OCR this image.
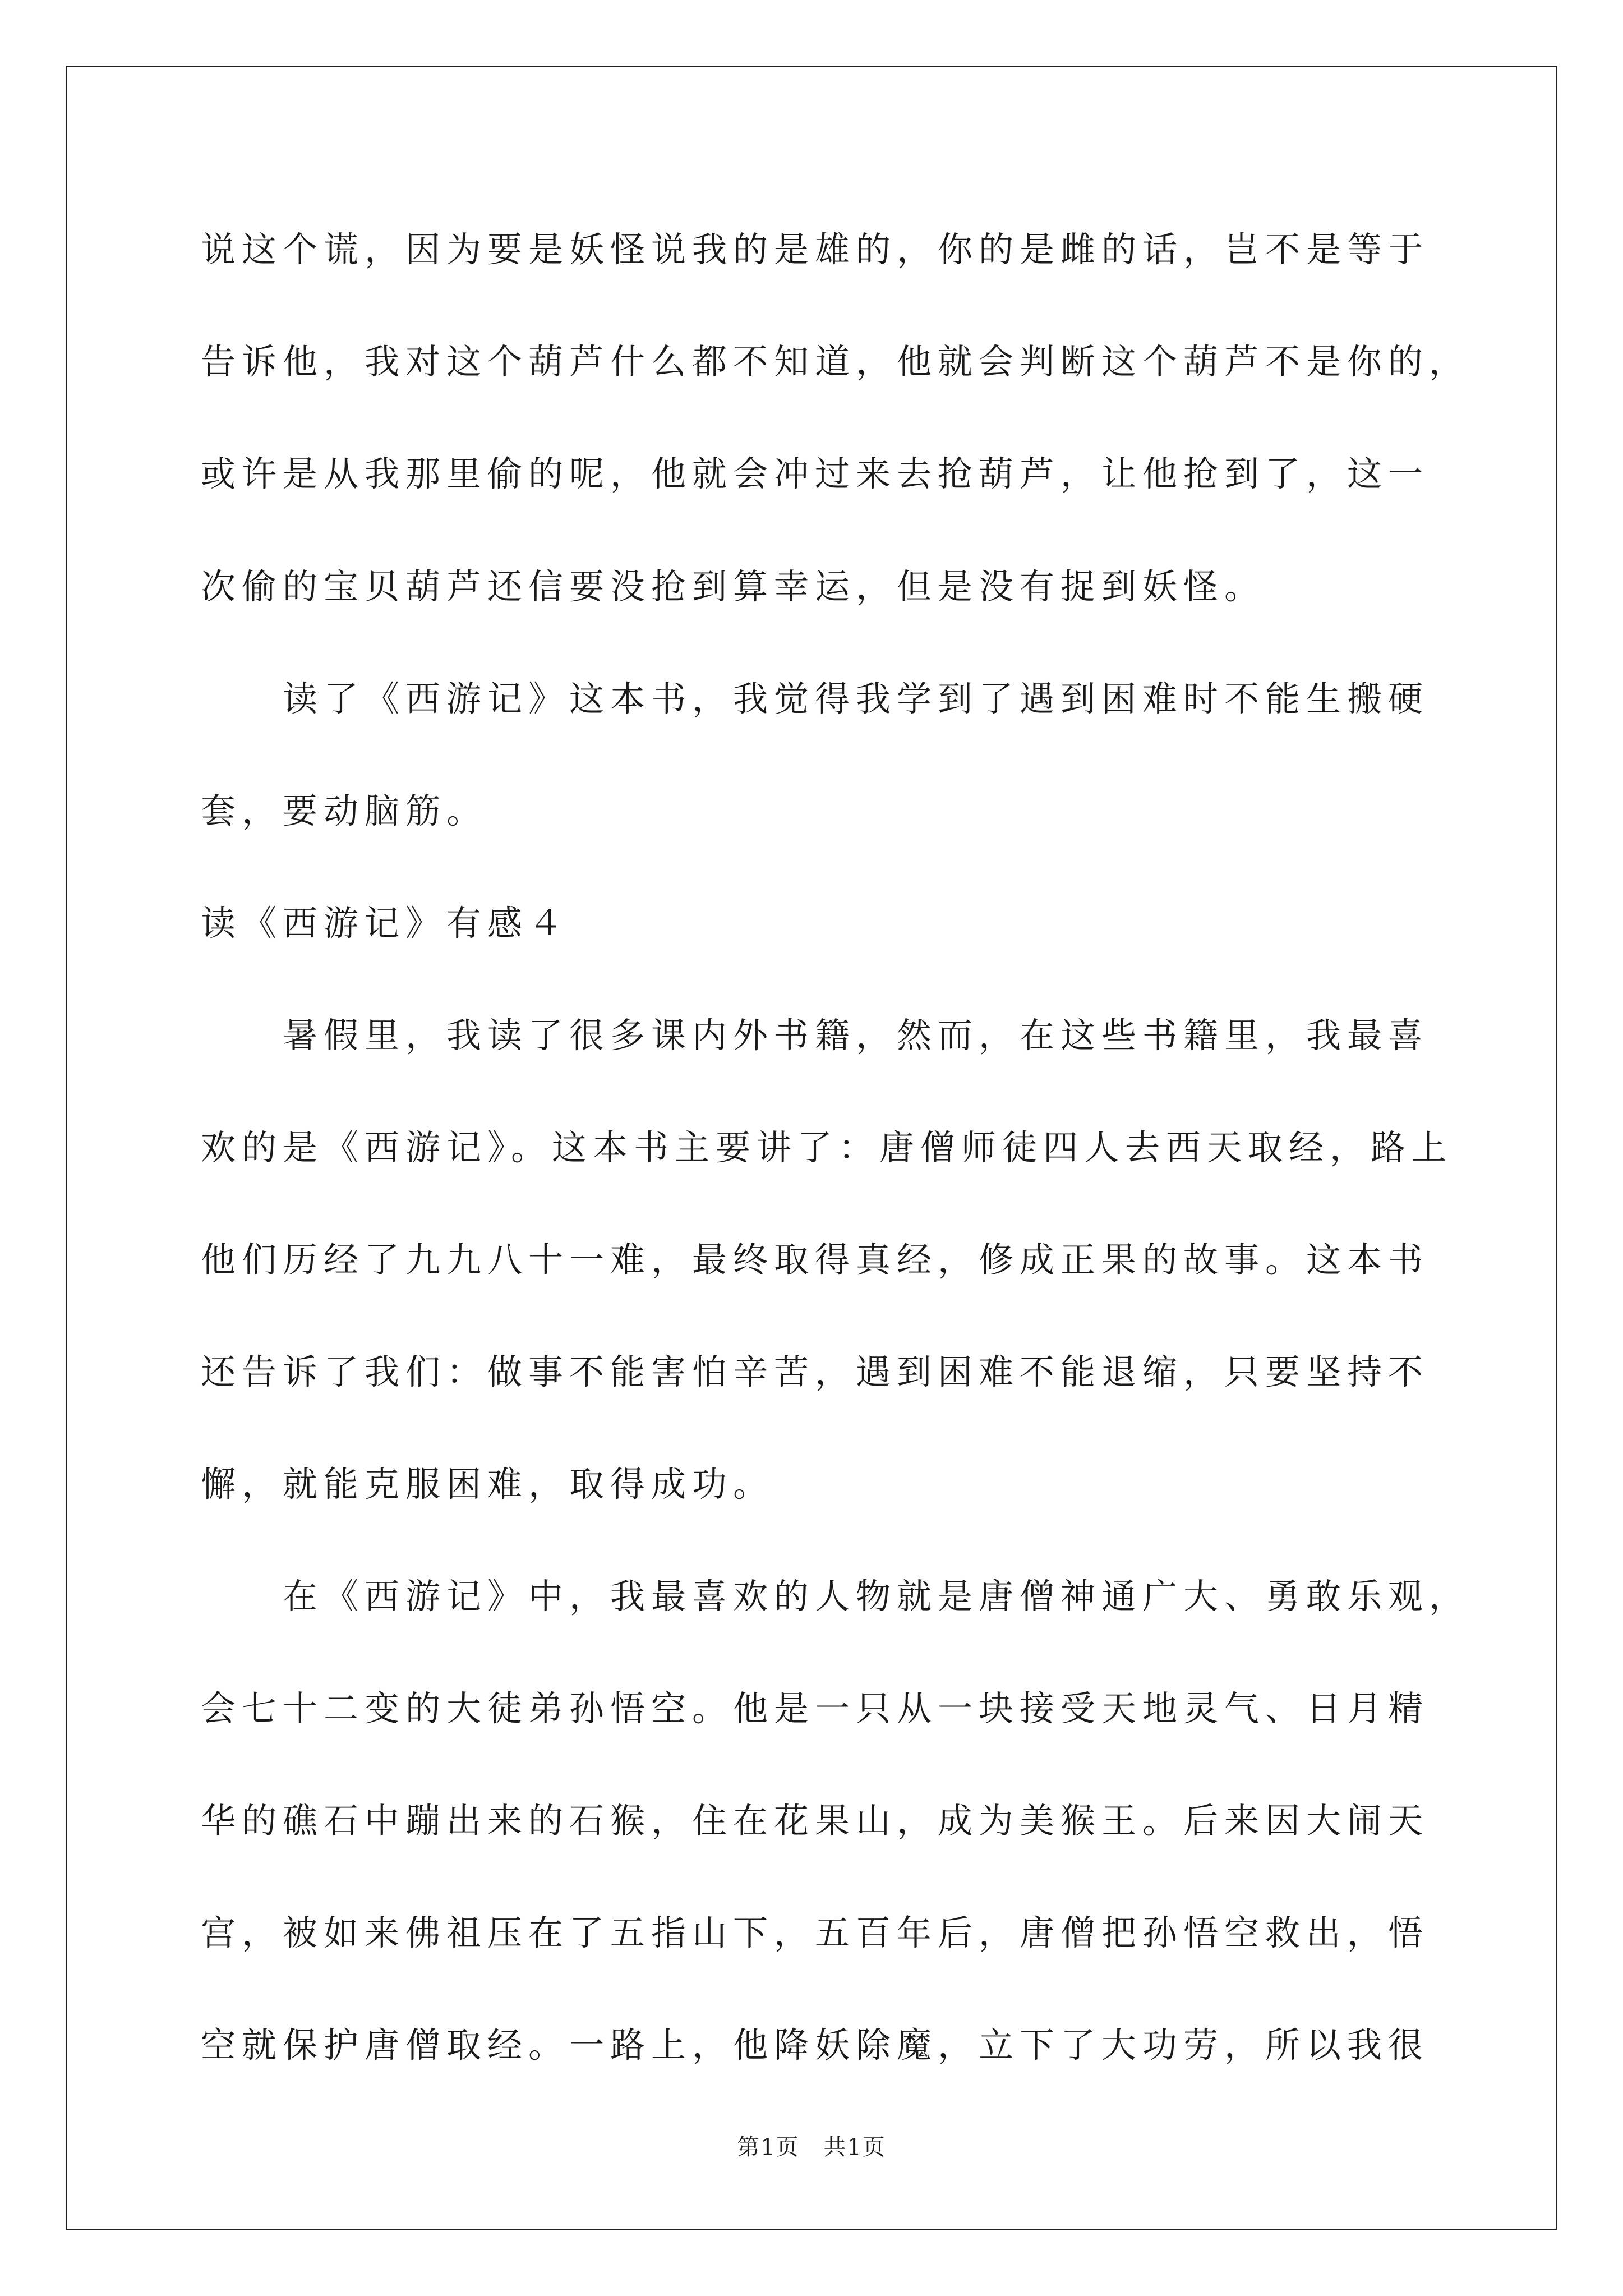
说这个谎，因为要是妖怪说我的是雄的，你的是雌的话，岂不是等于
告诉他，我对这个葫芦什么都不知道，他就会判断这个葫芦不是你的，
或许是从我那里偷的呢，他就会冲过来去抢葫芦，让他抢到了，这一
次偷的宝贝葫芦还信要没抢到算幸运，但是没有捉到妖怪。
　　读了《西游记》这本书，我觉得我学到了遇到困难时不能生搬硬
套，要动脑筋。
读《西游记》有感４
　　暑假里，我读了很多课内外书籍，然而，在这些书籍里，我最喜
欢的是《西游记》。这本书主要讲了：唐僧师徒四人去西天取经，路上
他们历经了九九八十一难，最终取得真经，修成正果的故事。这本书
还告诉了我们：做事不能害怕辛苦，遇到困难不能退缩，只要坚持不
懈，就能克服困难，取得成功。
　　在《西游记》中，我最喜欢的人物就是唐僧神通广大、勇敢乐观，
会七十二变的大徒弟孙悟空。他是一只从一块接受天地灵气、日月精
华的礁石中蹦出来的石猴，住在花果山，成为美猴王。后来因大闹天
宫，被如来佛祖压在了五指山下，五百年后，唐僧把孙悟空救出，悟
空就保护唐僧取经。一路上，他降妖除魔，立下了大功劳，所以我很
第1页 共1页
